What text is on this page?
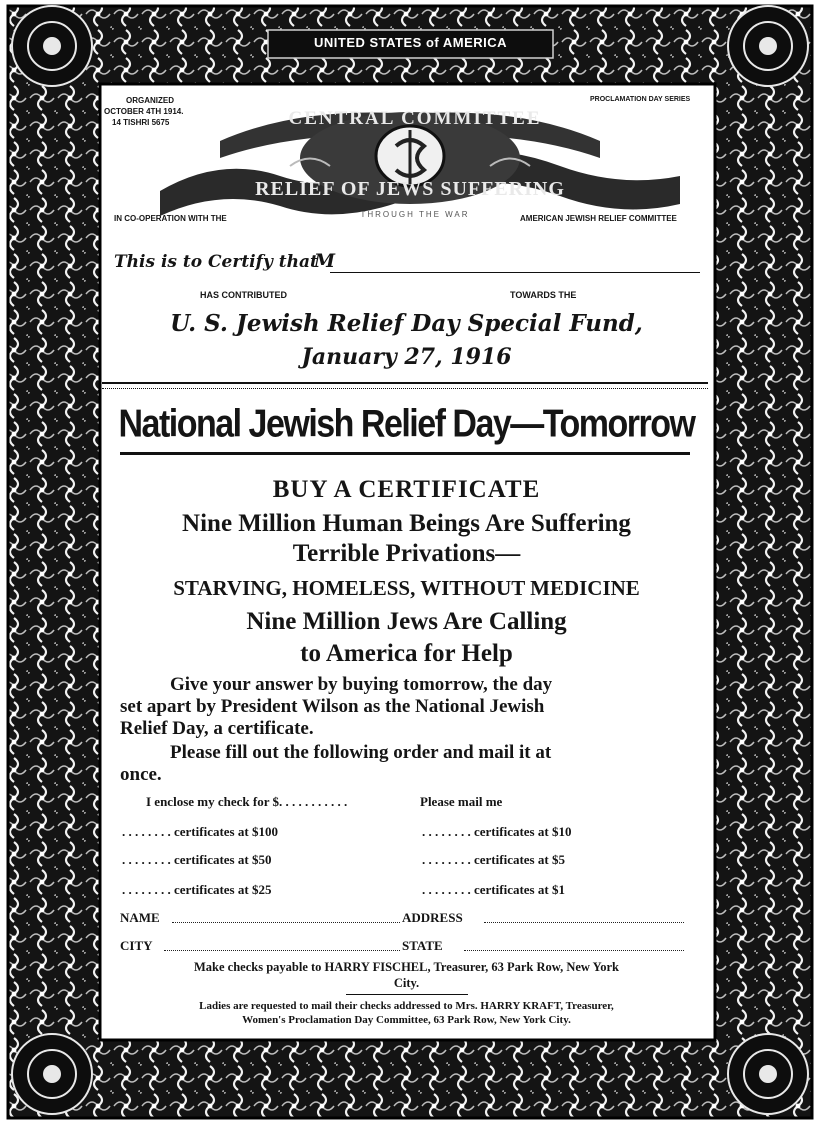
UNITED STATES of AMERICA
ORGANIZED
OCTOBER 4TH 1914.
14 TISHRI 5675
PROCLAMATION DAY SERIES
CENTRAL COMMITTEE
RELIEF OF JEWS SUFFERING
THROUGH THE WAR
IN CO-OPERATION WITH THE	AMERICAN JEWISH RELIEF COMMITTEE
This is to Certify that
M
HAS CONTRIBUTED	TOWARDS THE
U. S. Jewish Relief Day Special Fund,
January 27, 1916
National Jewish Relief Day—Tomorrow
BUY A CERTIFICATE
Nine Million Human Beings Are Suffering
Terrible Privations—
STARVING, HOMELESS, WITHOUT MEDICINE
Nine Million Jews Are Calling
to America for Help
Give your answer by buying tomorrow, the day
set apart by President Wilson as the National Jewish
Relief Day, a certificate.
Please fill out the following order and mail it at
once.
I enclose my check for $. . . . . . . . . . .	Please mail me
. . . . . . . . certificates at $100	. . . . . . . . certificates at $10
. . . . . . . . certificates at $50	. . . . . . . . certificates at $5
. . . . . . . . certificates at $25	. . . . . . . . certificates at $1
NAME	ADDRESS
CITY	STATE
Make checks payable to HARRY FISCHEL, Treasurer, 63 Park Row, New York
City.
Ladies are requested to mail their checks addressed to Mrs. HARRY KRAFT, Treasurer,
Women's Proclamation Day Committee, 63 Park Row, New York City.
